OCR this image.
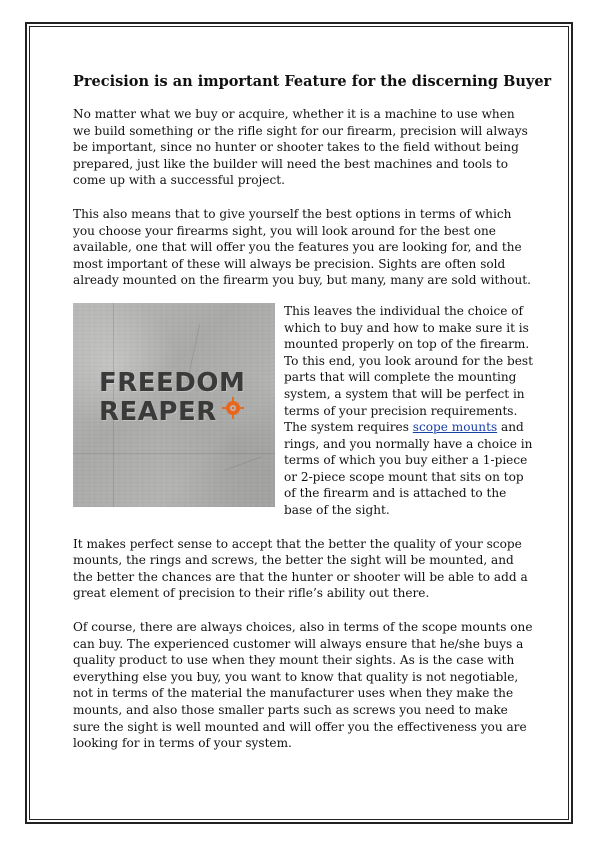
Precision is an important Feature for the discerning Buyer

No matter what we buy or acquire, whether it is a machine to use when we build something or the rifle sight for our firearm, precision will always be important, since no hunter or shooter takes to the field without being prepared, just like the builder will need the best machines and tools to come up with a successful project.

This also means that to give yourself the best options in terms of which you choose your firearms sight, you will look around for the best one available, one that will offer you the features you are looking for, and the most important of these will always be precision. Sights are often sold already mounted on the firearm you buy, but many, many are sold without.

FREEDOM
REAPER

This leaves the individual the choice of which to buy and how to make sure it is mounted properly on top of the firearm. To this end, you look around for the best parts that will complete the mounting system, a system that will be perfect in terms of your precision requirements. The system requires scope mounts and rings, and you normally have a choice in terms of which you buy either a 1-piece or 2-piece scope mount that sits on top of the firearm and is attached to the base of the sight.

It makes perfect sense to accept that the better the quality of your scope mounts, the rings and screws, the better the sight will be mounted, and the better the chances are that the hunter or shooter will be able to add a great element of precision to their rifle’s ability out there.

Of course, there are always choices, also in terms of the scope mounts one can buy. The experienced customer will always ensure that he/she buys a quality product to use when they mount their sights. As is the case with everything else you buy, you want to know that quality is not negotiable, not in terms of the material the manufacturer uses when they make the mounts, and also those smaller parts such as screws you need to make sure the sight is well mounted and will offer you the effectiveness you are looking for in terms of your system.
